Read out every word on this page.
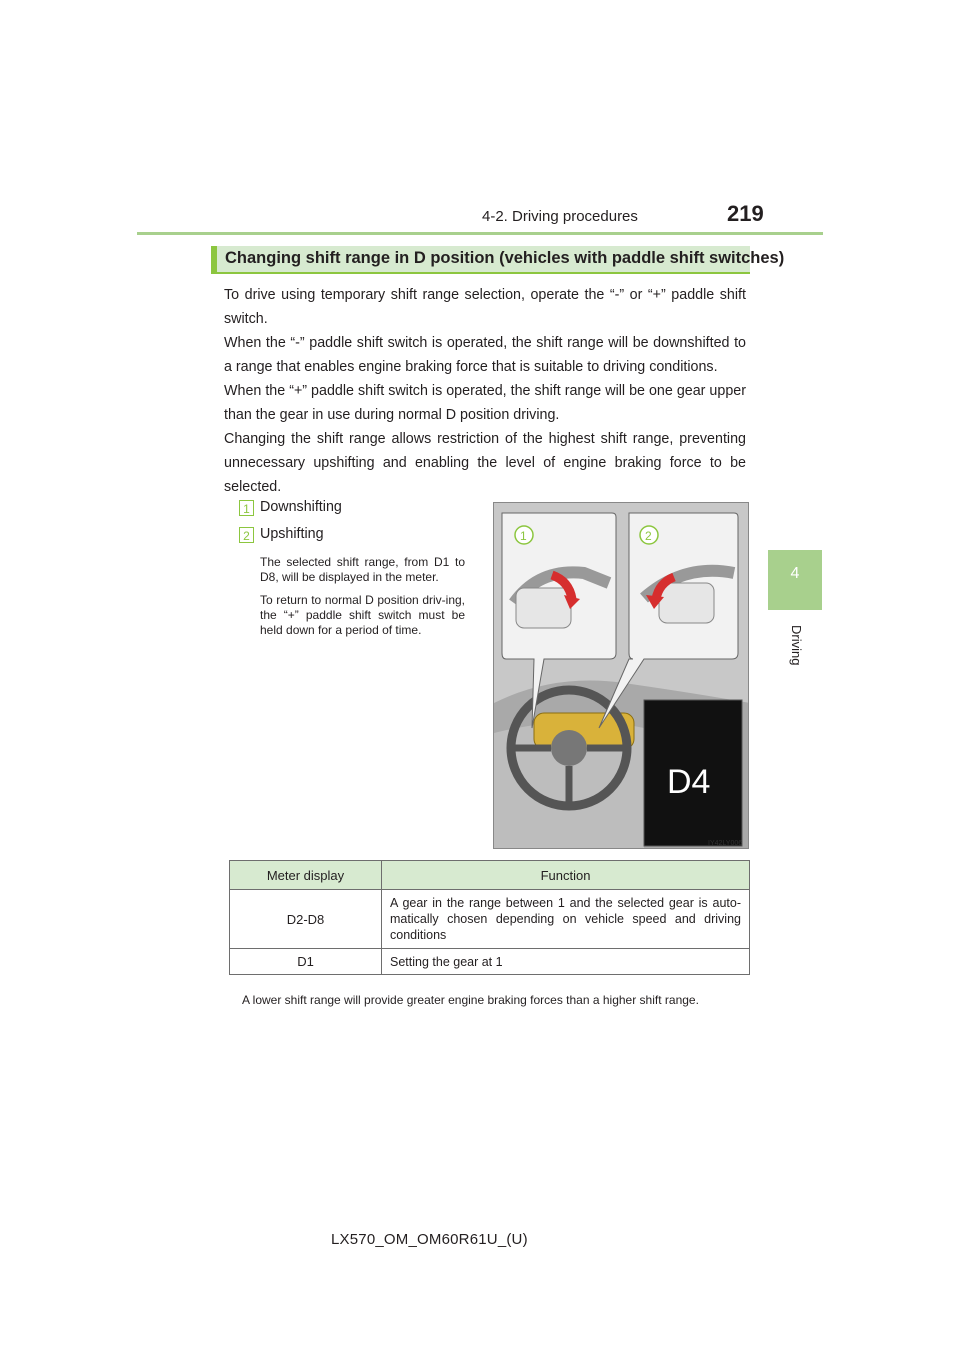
4-2. Driving procedures	219
4
Driving
Changing shift range in D position (vehicles with paddle shift switches)
To drive using temporary shift range selection, operate the “-” or “+” paddle shift switch.
When the “-” paddle shift switch is operated, the shift range will be downshifted to a range that enables engine braking force that is suitable to driving conditions.
When the “+” paddle shift switch is operated, the shift range will be one gear upper than the gear in use during normal D position driving.
Changing the shift range allows restriction of the highest shift range, preventing unnecessary upshifting and enabling the level of engine braking force to be selected.
1 Downshifting
2 Upshifting
The selected shift range, from D1 to D8, will be displayed in the meter.
To return to normal D position driv-ing, the “+” paddle shift switch must be held down for a period of time.
1	2
D4
IY42LY006
Meter display	Function
D2-D8	A gear in the range between 1 and the selected gear is auto-matically chosen depending on vehicle speed and driving conditions
D1	Setting the gear at 1
A lower shift range will provide greater engine braking forces than a higher shift range.
LX570_OM_OM60R61U_(U)
